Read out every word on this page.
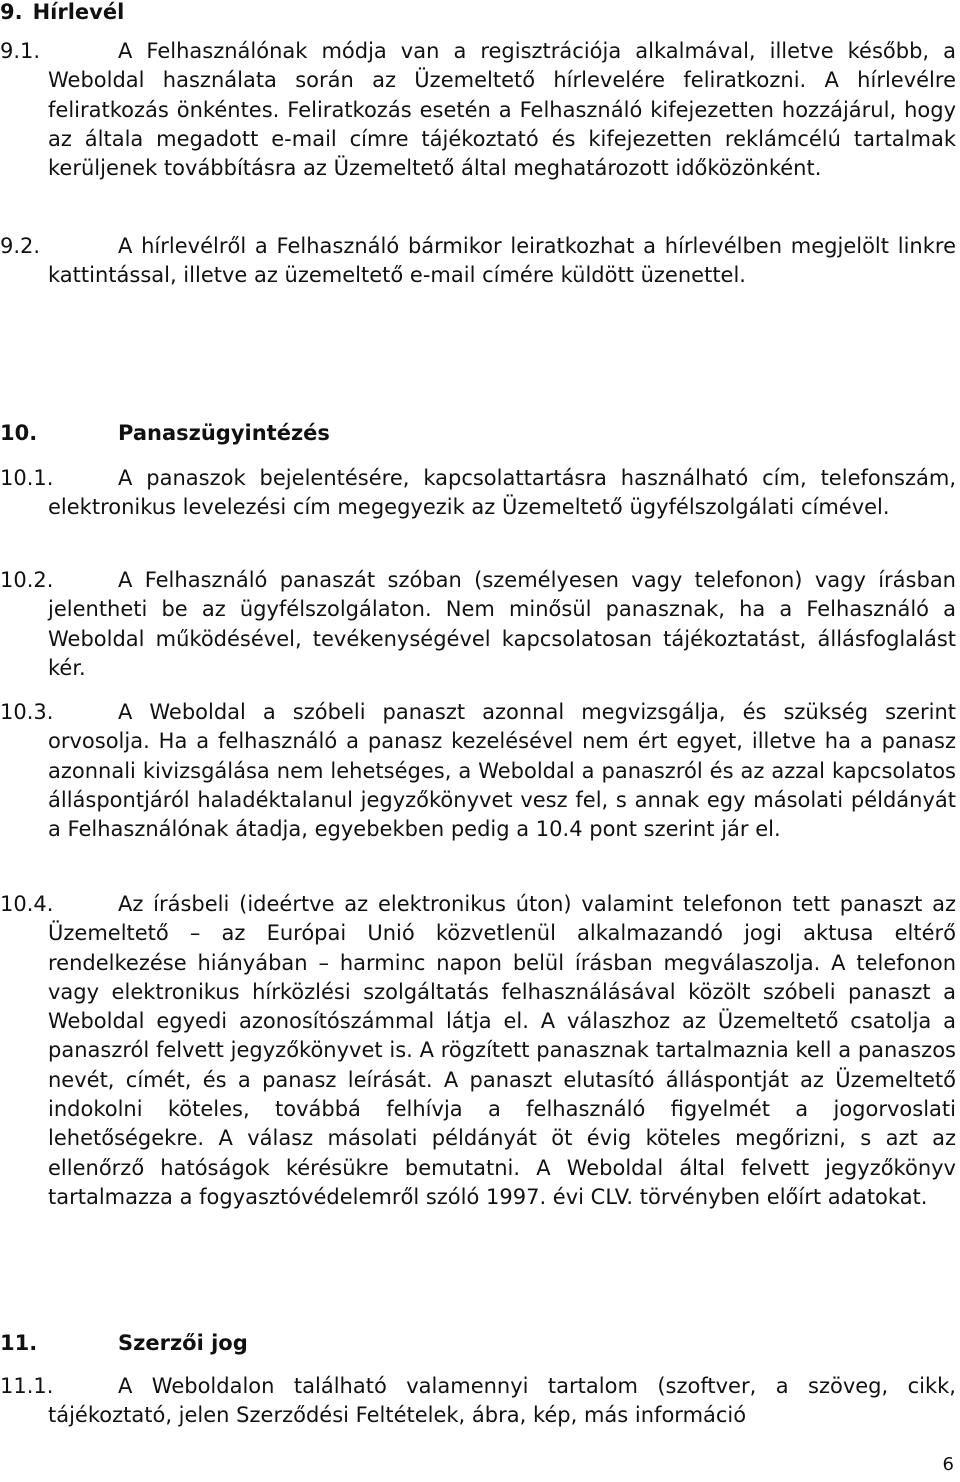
9. Hírlevél
9.1.	A Felhasználónak módja van a regisztrációja alkalmával, illetve később, a Weboldal használata során az Üzemeltető hírlevelére feliratkozni. A hírlevélre feliratkozás önkéntes. Feliratkozás esetén a Felhasználó kifejezetten hozzájárul, hogy az általa megadott e-mail címre tájékoztató és kifejezetten reklámcélú tartalmak kerüljenek továbbításra az Üzemeltető által meghatározott időközönként.
9.2.	A hírlevélről a Felhasználó bármikor leiratkozhat a hírlevélben megjelölt linkre kattintással, illetve az üzemeltető e-mail címére küldött üzenettel.
10.	Panaszügyintézés
10.1.	A panaszok bejelentésére, kapcsolattartásra használható cím, telefonszám, elektronikus levelezési cím megegyezik az Üzemeltető ügyfélszolgálati címével.
10.2.	A Felhasználó panaszát szóban (személyesen vagy telefonon) vagy írásban jelentheti be az ügyfélszolgálaton. Nem minősül panasznak, ha a Felhasználó a Weboldal működésével, tevékenységével kapcsolatosan tájékoztatást, állásfoglalást kér.
10.3.	A Weboldal a szóbeli panaszt azonnal megvizsgálja, és szükség szerint orvosolja. Ha a felhasználó a panasz kezelésével nem ért egyet, illetve ha a panasz azonnali kivizsgálása nem lehetséges, a Weboldal a panaszról és az azzal kapcsolatos álláspontjáról haladéktalanul jegyzőkönyvet vesz fel, s annak egy másolati példányát a Felhasználónak átadja, egyebekben pedig a 10.4 pont szerint jár el.
10.4.	Az írásbeli (ideértve az elektronikus úton) valamint telefonon tett panaszt az Üzemeltető – az Európai Unió közvetlenül alkalmazandó jogi aktusa eltérő rendelkezése hiányában – harminc napon belül írásban megválaszolja. A telefonon vagy elektronikus hírközlési szolgáltatás felhasználásával közölt szóbeli panaszt a Weboldal egyedi azonosítószámmal látja el. A válaszhoz az Üzemeltető csatolja a panaszról felvett jegyzőkönyvet is. A rögzített panasznak tartalmaznia kell a panaszos nevét, címét, és a panasz leírását. A panaszt elutasító álláspontját az Üzemeltető indokolni köteles, továbbá felhívja a felhasználó figyelmét a jogorvoslati lehetőségekre. A válasz másolati példányát öt évig köteles megőrizni, s azt az ellenőrző hatóságok kérésükre bemutatni. A Weboldal által felvett jegyzőkönyv tartalmazza a fogyasztóvédelemről szóló 1997. évi CLV. törvényben előírt adatokat.
11.	Szerzői jog
11.1.	A Weboldalon található valamennyi tartalom (szoftver, a szöveg, cikk, tájékoztató, jelen Szerződési Feltételek, ábra, kép, más információ
6
